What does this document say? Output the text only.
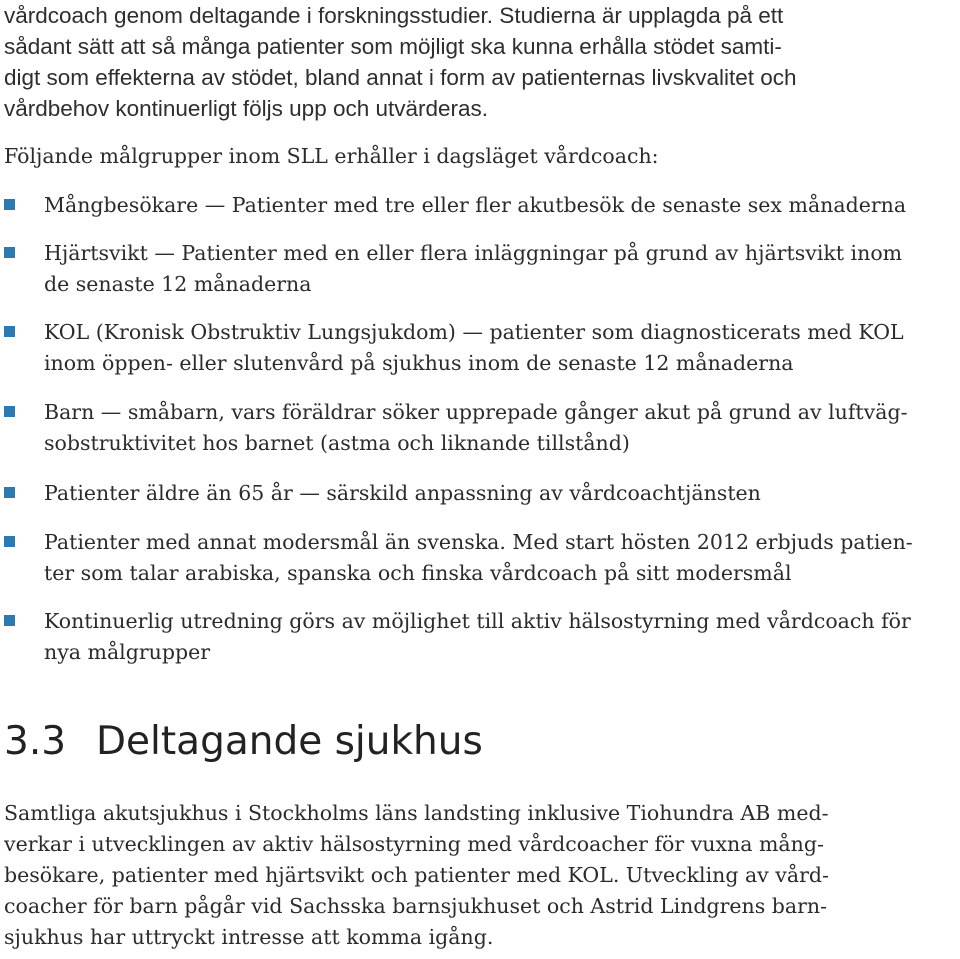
vårdcoach genom deltagande i forskningsstudier. Studierna är upplagda på ett
sådant sätt att så många patienter som möjligt ska kunna erhålla stödet samti-
digt som effekterna av stödet, bland annat i form av patienternas livskvalitet och
vårdbehov kontinuerligt följs upp och utvärderas.

Följande målgrupper inom SLL erhåller i dagsläget vårdcoach:

Mångbesökare — Patienter med tre eller fler akutbesök de senaste sex månaderna
Hjärtsvikt — Patienter med en eller flera inläggningar på grund av hjärtsvikt inom
de senaste 12 månaderna
KOL (Kronisk Obstruktiv Lungsjukdom) — patienter som diagnosticerats med KOL
inom öppen- eller slutenvård på sjukhus inom de senaste 12 månaderna
Barn — småbarn, vars föräldrar söker upprepade gånger akut på grund av luftväg-
sobstruktivitet hos barnet (astma och liknande tillstånd)
Patienter äldre än 65 år — särskild anpassning av vårdcoachtjänsten
Patienter med annat modersmål än svenska. Med start hösten 2012 erbjuds patien-
ter som talar arabiska, spanska och finska vårdcoach på sitt modersmål
Kontinuerlig utredning görs av möjlighet till aktiv hälsostyrning med vårdcoach för
nya målgrupper
3.3 Deltagande sjukhus

Samtliga akutsjukhus i Stockholms läns landsting inklusive Tiohundra AB med-
verkar i utvecklingen av aktiv hälsostyrning med vårdcoacher för vuxna mång-
besökare, patienter med hjärtsvikt och patienter med KOL. Utveckling av vård-
coacher för barn pågår vid Sachsska barnsjukhuset och Astrid Lindgrens barn-
sjukhus har uttryckt intresse att komma igång.
